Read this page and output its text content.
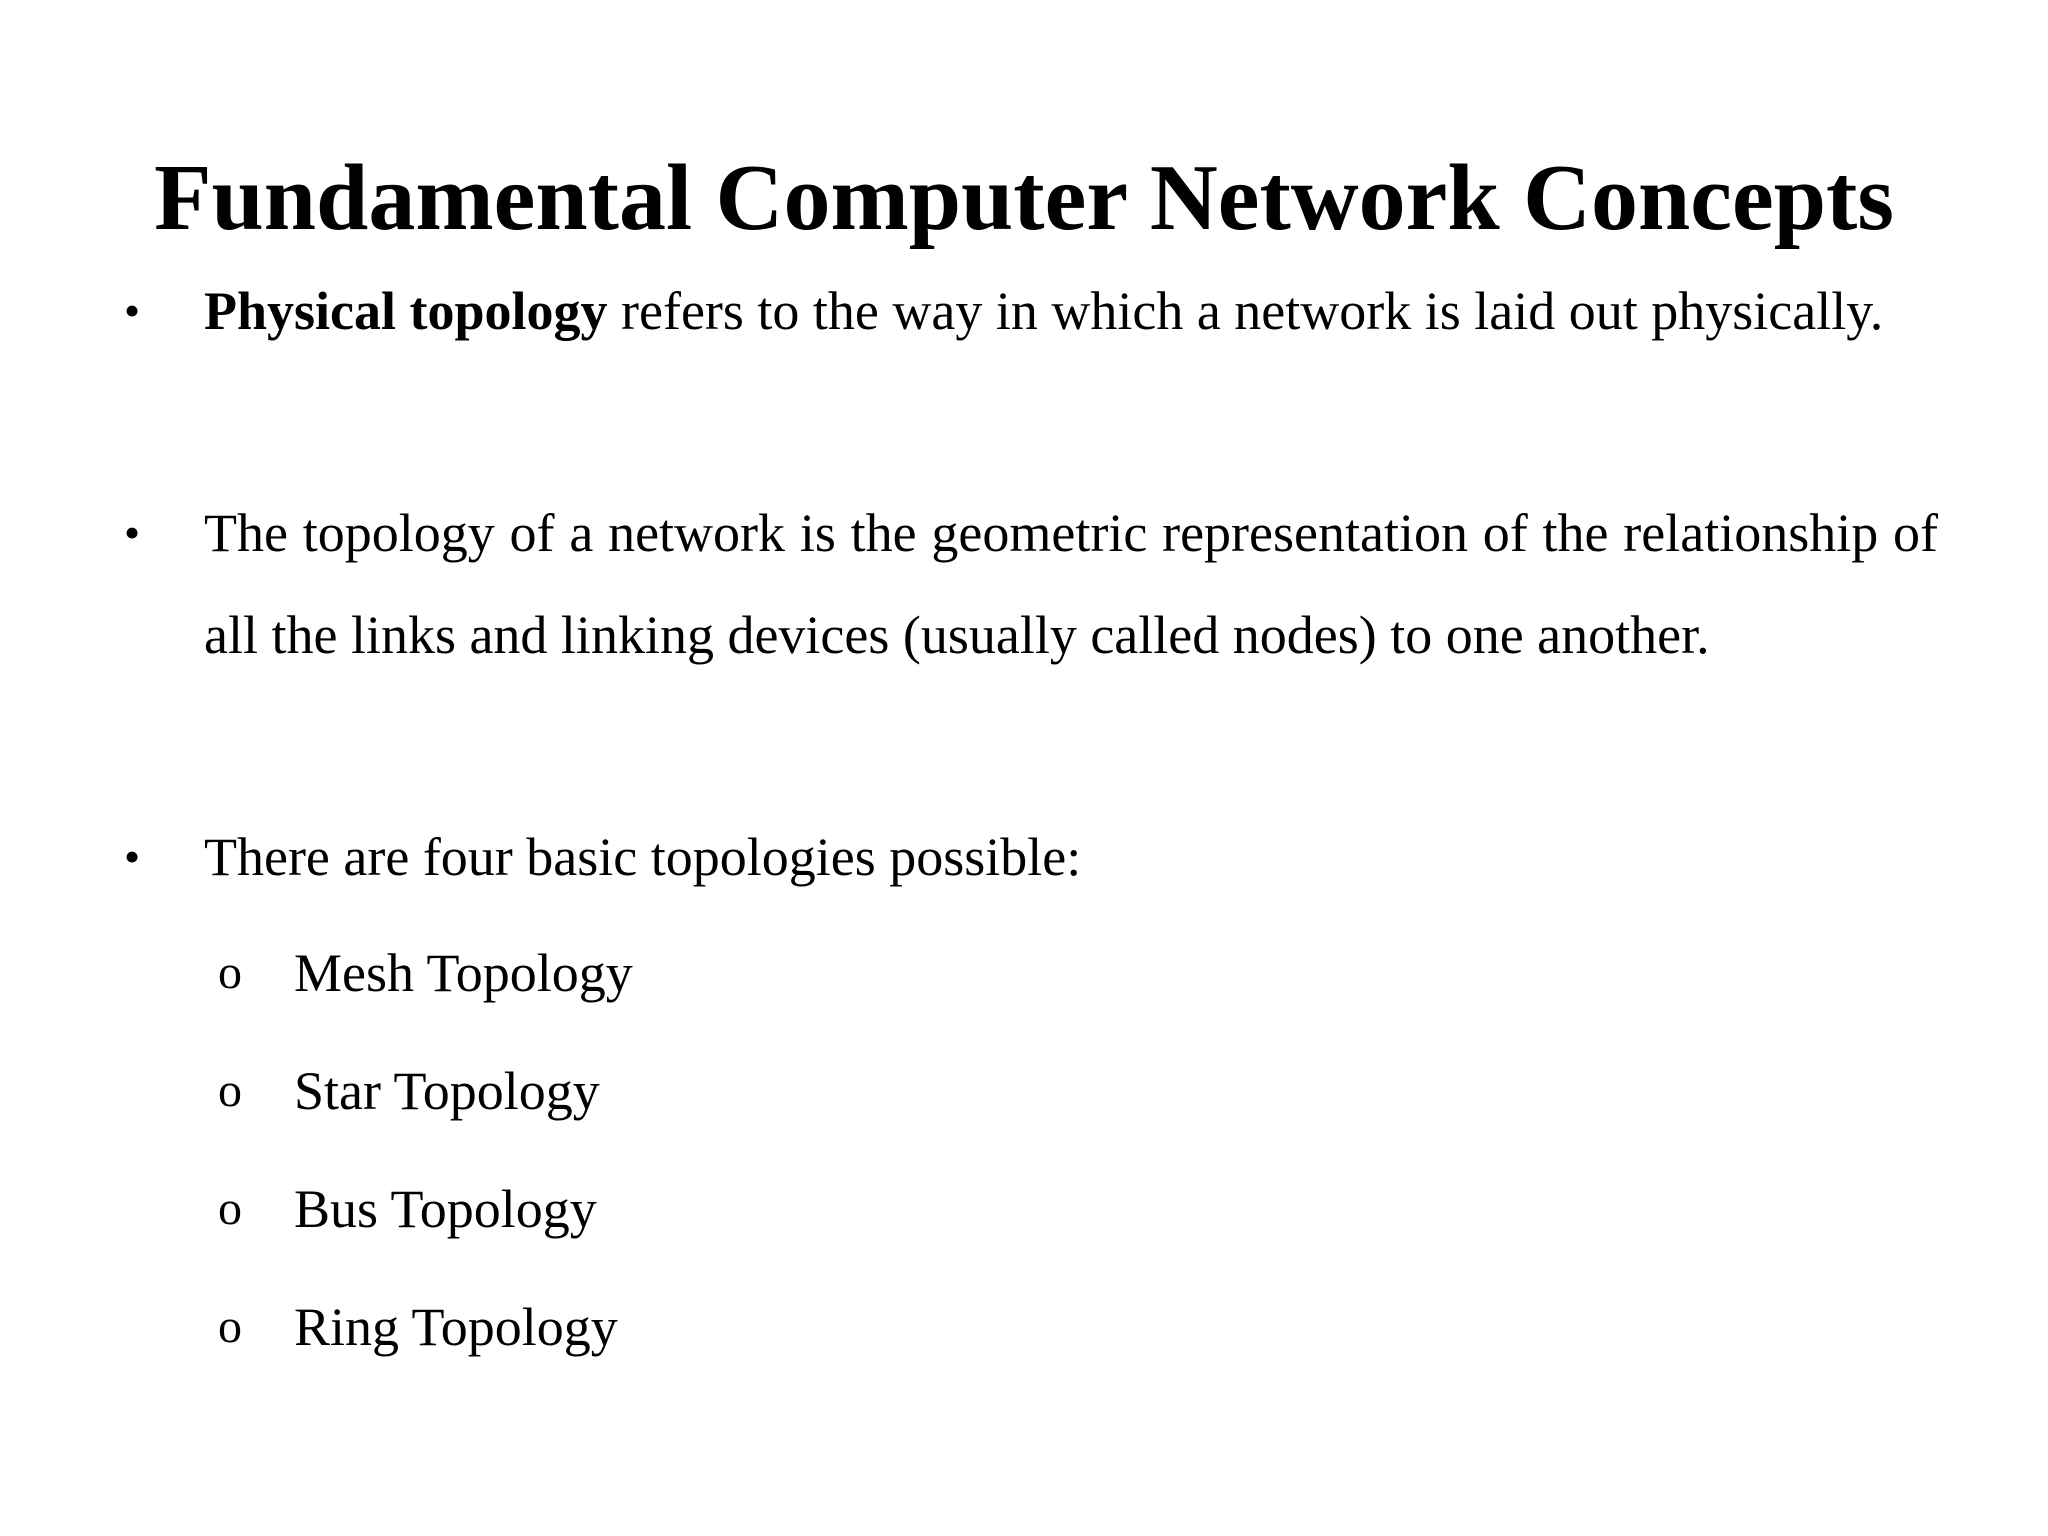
Fundamental Computer Network Concepts
• Physical topology refers to the way in which a network is laid out physically.
• The topology of a network is the geometric representation of the relationship of all the links and linking devices (usually called nodes) to one another.
• There are four basic topologies possible:
o Mesh Topology
o Star Topology
o Bus Topology
o Ring Topology
